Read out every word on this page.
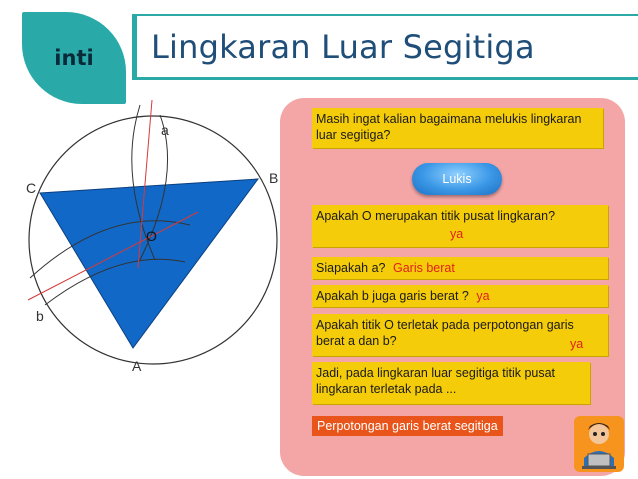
inti Lingkaran Luar Segitiga
a
b
A
B
C
O
Masih ingat kalian bagaimana melukis lingkaran luar segitiga?
Lukis
Apakah O merupakan titik pusat lingkaran?
ya
Siapakah a? Garis berat
Apakah b juga garis berat ? ya
Apakah titik O terletak pada perpotongan garis berat a dan b?	ya
Jadi, pada lingkaran luar segitiga titik pusat lingkaran terletak pada ...
Perpotongan garis berat segitiga
